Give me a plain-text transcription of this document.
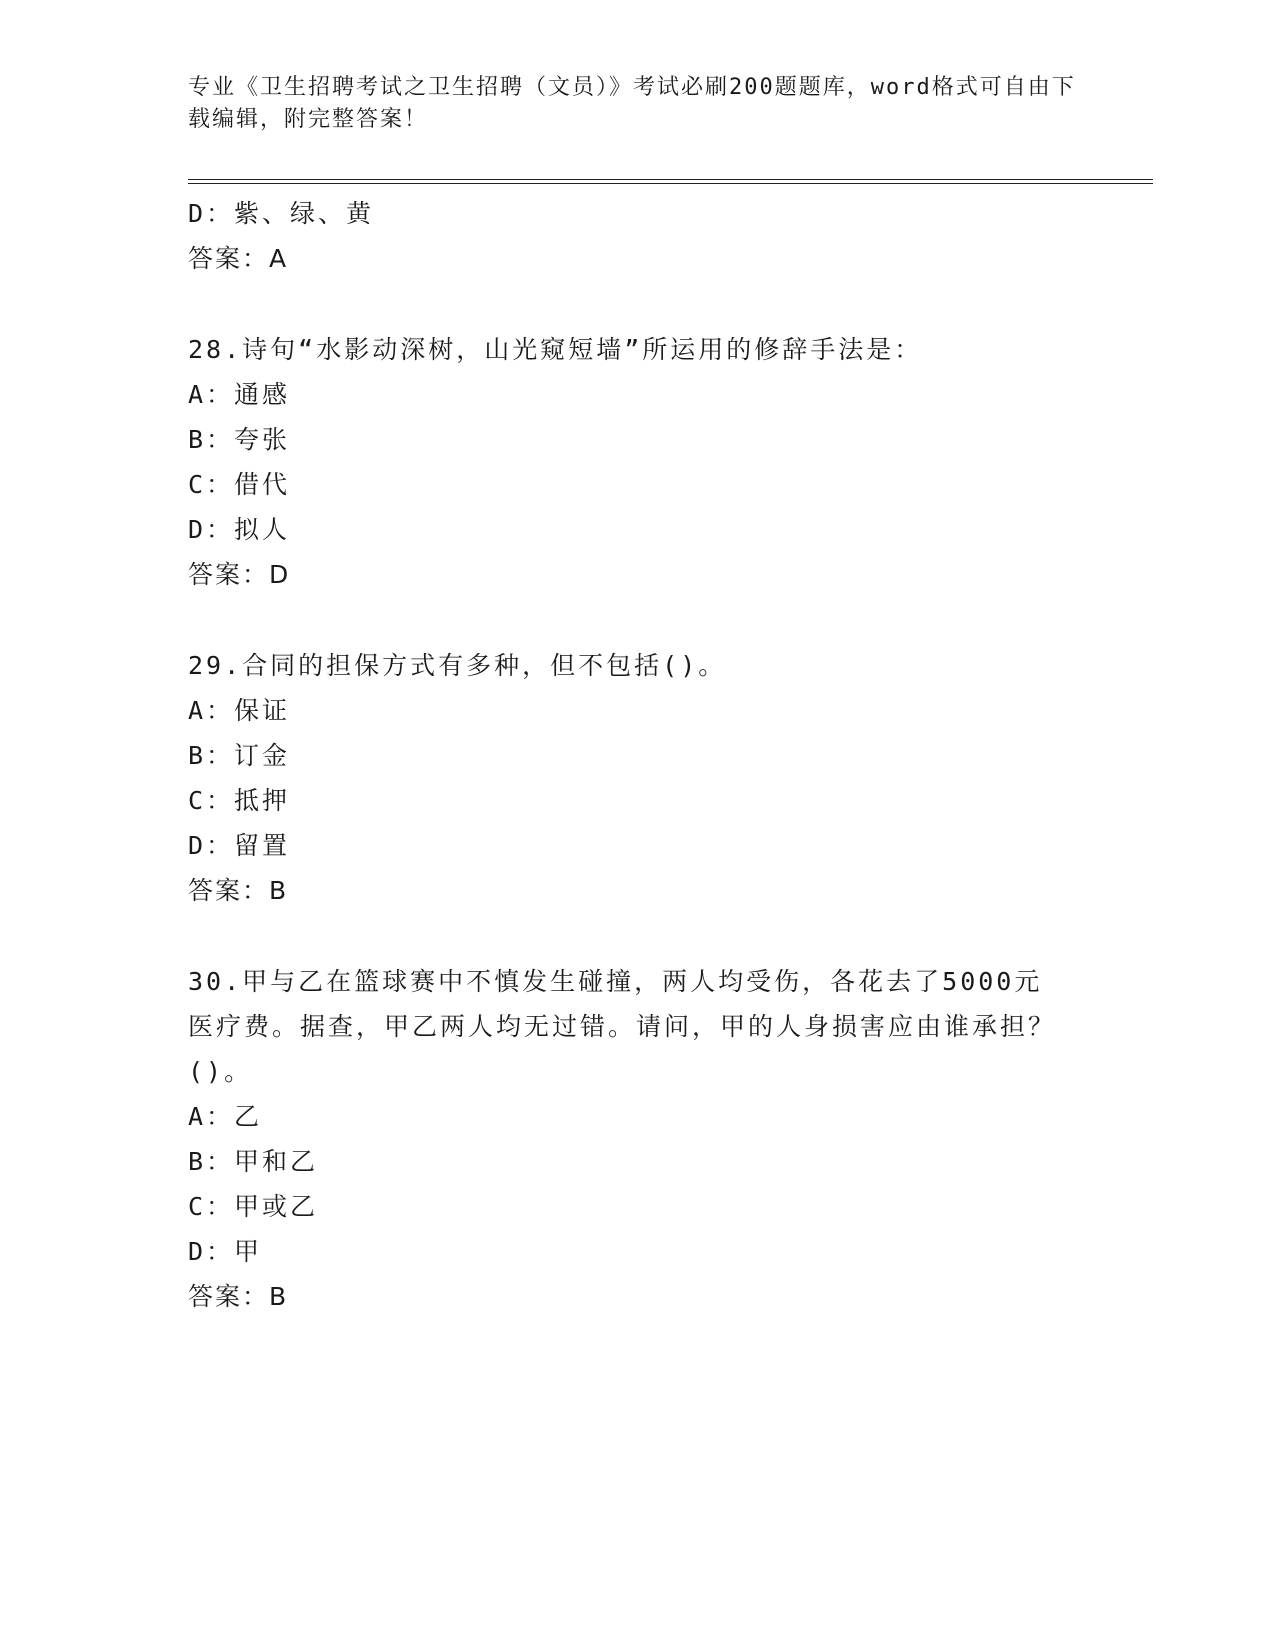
专业《卫生招聘考试之卫生招聘（文员）》考试必刷200题题库，word格式可自由下载编辑，附完整答案！
D：紫、绿、黄
答案：A
28.诗句“水影动深树，山光窥短墙”所运用的修辞手法是：
A：通感
B：夸张
C：借代
D：拟人
答案：D
29.合同的担保方式有多种，但不包括()。
A：保证
B：订金
C：抵押
D：留置
答案：B
30.甲与乙在篮球赛中不慎发生碰撞，两人均受伤，各花去了5000元医疗费。据查，甲乙两人均无过错。请问，甲的人身损害应由谁承担？()。
A：乙
B：甲和乙
C：甲或乙
D：甲
答案：B
